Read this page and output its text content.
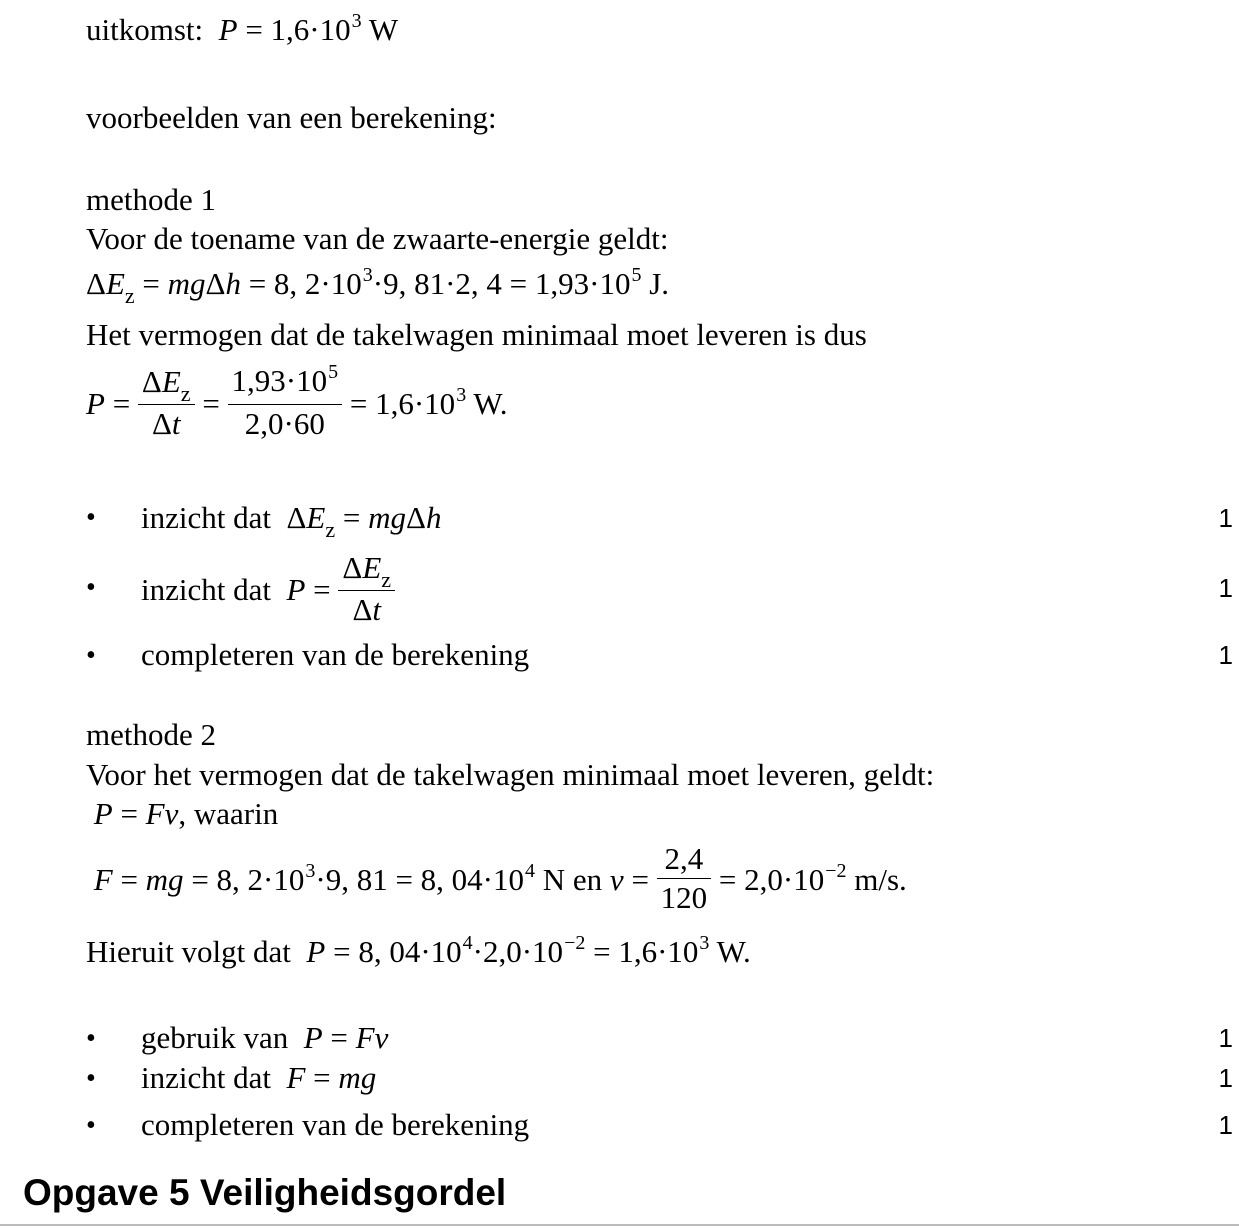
uitkomst: $P = 1,6\cdot 10^3$ W
voorbeelden van een berekening:
methode 1
Voor de toename van de zwaarte-energie geldt:
$\Delta E_z = mg\Delta h = 8$, $2\cdot 10^3\cdot 9$, 81·2, $4 = 1,93\cdot 10^5$ J.
Het vermogen dat de takelwagen minimaal moet leveren is dus
$P = \frac{\Delta E_z}{\Delta t} = \frac{1,93\cdot 10^5}{2,0\cdot 60} = 1,6\cdot 10^3$ W.
• inzicht dat $\Delta E_z = mg\Delta h$	1
• inzicht dat $P = \frac{\Delta E_z}{\Delta t}$	1
• completeren van de berekening	1
methode 2
Voor het vermogen dat de takelwagen minimaal moet leveren, geldt:
P = Fv, waarin
F = mg = 8, $2\cdot 10^3\cdot 9$, 81 = 8, $04\cdot 10^4$ N en $v = \frac{2,4}{120} = 2,0\cdot 10^{-2}$ m/s.
Hieruit volgt dat P = 8, $04\cdot 10^4\cdot 2,0\cdot 10^{-2} = 1,6\cdot 10^3$ W.
• gebruik van P = Fv	1
• inzicht dat F = mg	1
• completeren van de berekening	1
Opgave 5 Veiligheidsgordel
